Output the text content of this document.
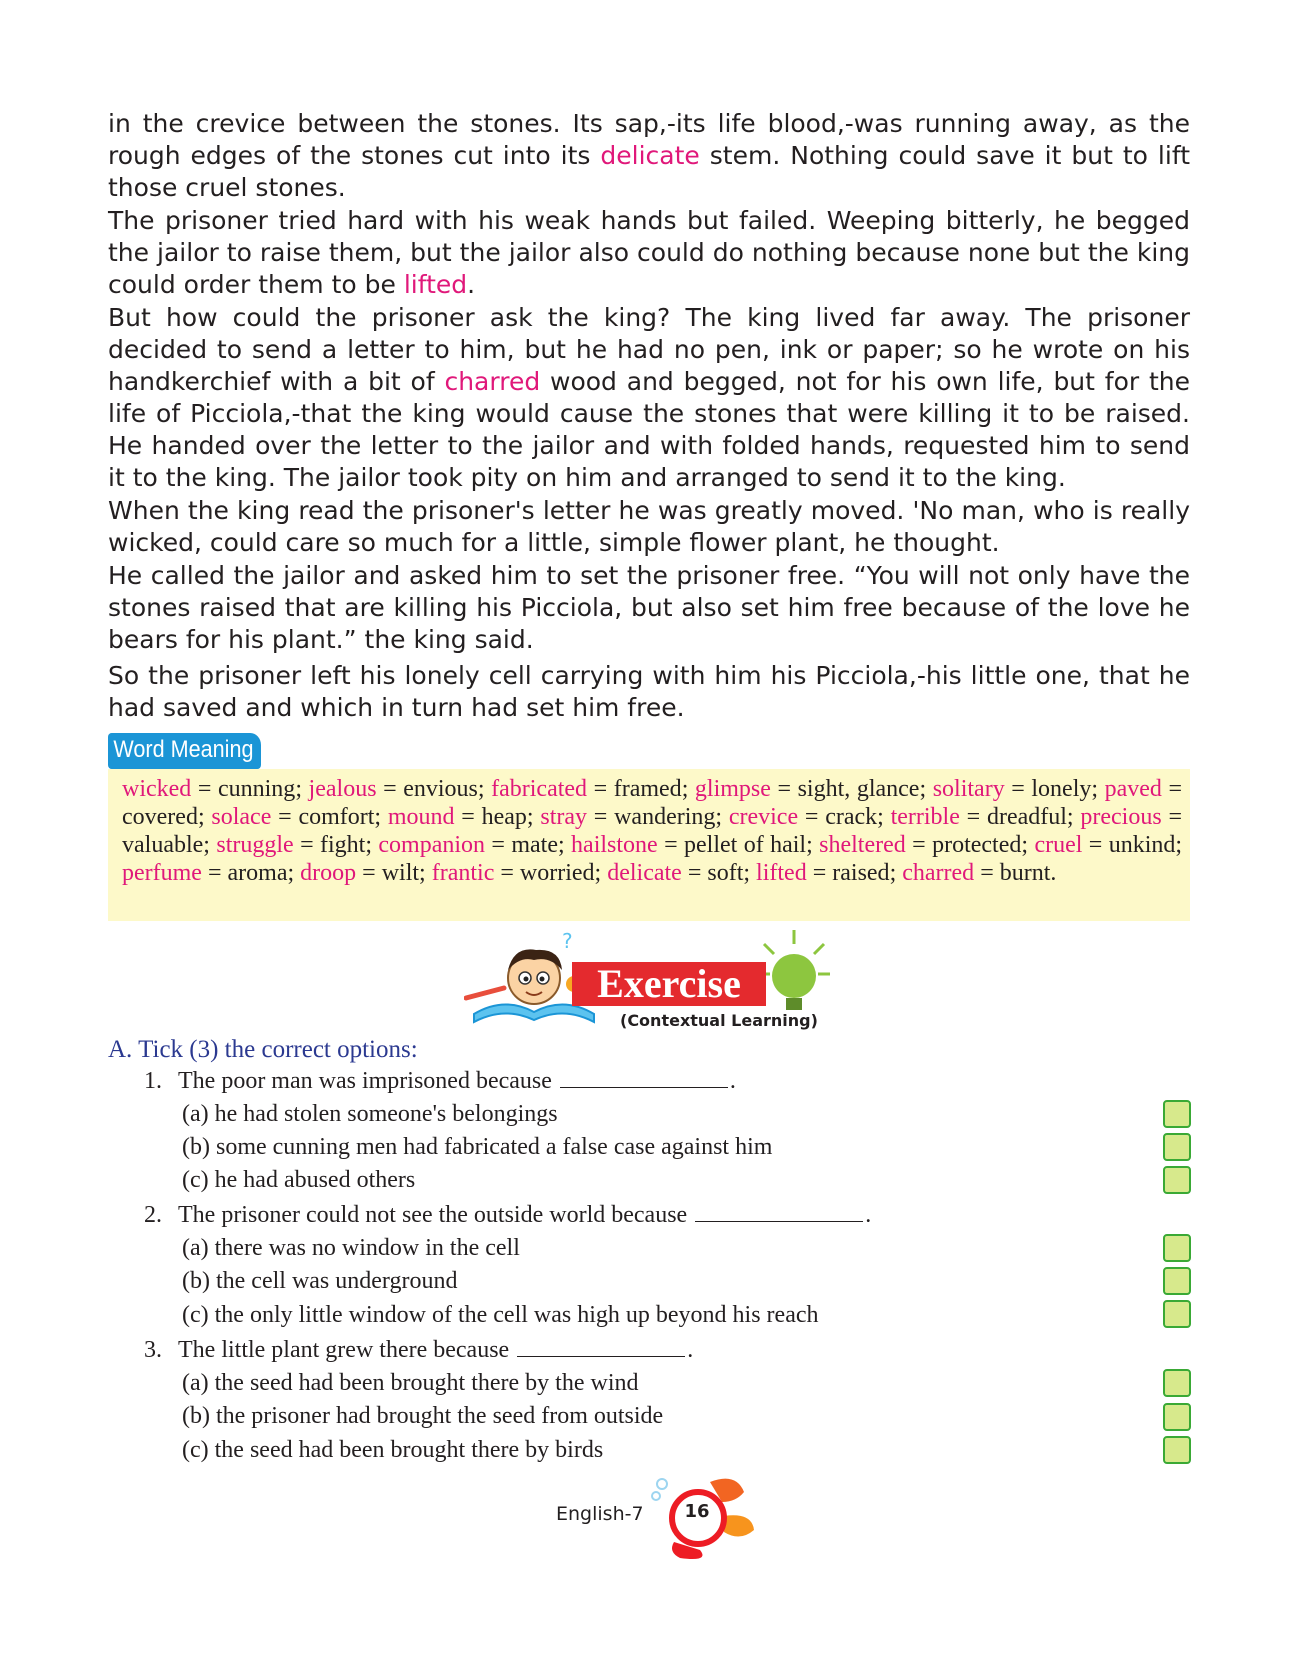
in the crevice between the stones. Its sap,-its life blood,-was running away, as the rough edges of the stones cut into its delicate stem. Nothing could save it but to lift those cruel stones.

The prisoner tried hard with his weak hands but failed. Weeping bitterly, he begged the jailor to raise them, but the jailor also could do nothing because none but the king could order them to be lifted.

But how could the prisoner ask the king? The king lived far away. The prisoner decided to send a letter to him, but he had no pen, ink or paper; so he wrote on his handkerchief with a bit of charred wood and begged, not for his own life, but for the life of Picciola,-that the king would cause the stones that were killing it to be raised. He handed over the letter to the jailor and with folded hands, requested him to send it to the king. The jailor took pity on him and arranged to send it to the king.

When the king read the prisoner's letter he was greatly moved. 'No man, who is really wicked, could care so much for a little, simple flower plant, he thought.

He called the jailor and asked him to set the prisoner free. “You will not only have the stones raised that are killing his Picciola, but also set him free because of the love he bears for his plant.” the king said.

So the prisoner left his lonely cell carrying with him his Picciola,-his little one, that he had saved and which in turn had set him free.

Word Meaning
wicked = cunning; jealous = envious; fabricated = framed; glimpse = sight, glance; solitary = lonely; paved = covered; solace = comfort; mound = heap; stray = wandering; crevice = crack; terrible = dreadful; precious = valuable; struggle = fight; companion = mate; hailstone = pellet of hail; sheltered = protected; cruel = unkind; perfume = aroma; droop = wilt; frantic = worried; delicate = soft; lifted = raised; charred = burnt.
?
Exercise
(Contextual Learning)
A. Tick (3) the correct options:
1. The poor man was imprisoned because	.
(a) he had stolen someone's belongings
(b) some cunning men had fabricated a false case against him
(c) he had abused others
2. The prisoner could not see the outside world because	.
(a) there was no window in the cell
(b) the cell was underground
(c) the only little window of the cell was high up beyond his reach
3. The little plant grew there because	.
(a) the seed had been brought there by the wind
(b) the prisoner had brought the seed from outside
(c) the seed had been brought there by birds
English-7	16
